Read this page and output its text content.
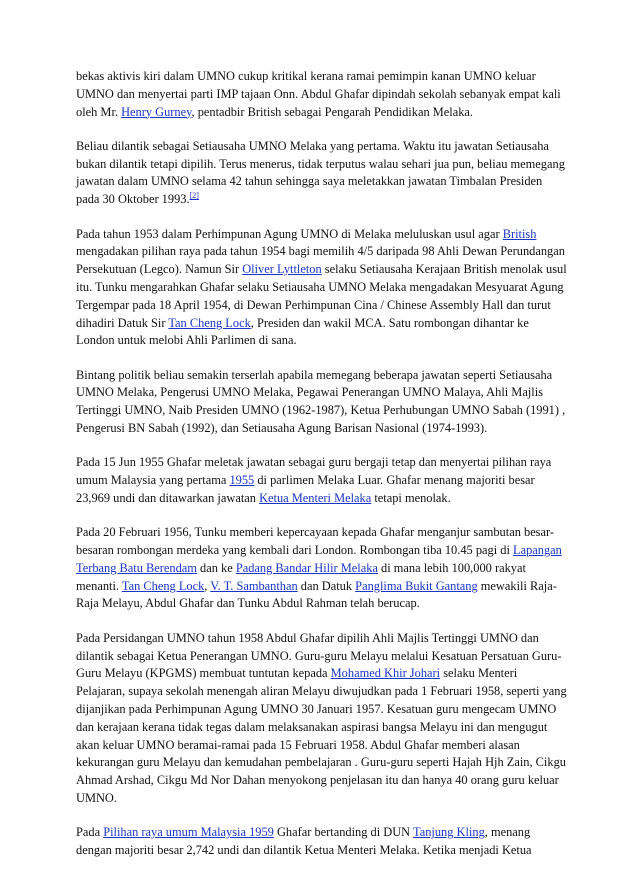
bekas aktivis kiri dalam UMNO cukup kritikal kerana ramai pemimpin kanan UMNO keluar UMNO dan menyertai parti IMP tajaan Onn. Abdul Ghafar dipindah sekolah sebanyak empat kali oleh Mr. Henry Gurney, pentadbir British sebagai Pengarah Pendidikan Melaka.

Beliau dilantik sebagai Setiausaha UMNO Melaka yang pertama. Waktu itu jawatan Setiausaha bukan dilantik tetapi dipilih. Terus menerus, tidak terputus walau sehari jua pun, beliau memegang jawatan dalam UMNO selama 42 tahun sehingga saya meletakkan jawatan Timbalan Presiden pada 30 Oktober 1993.[2]

Pada tahun 1953 dalam Perhimpunan Agung UMNO di Melaka meluluskan usul agar British mengadakan pilihan raya pada tahun 1954 bagi memilih 4/5 daripada 98 Ahli Dewan Perundangan Persekutuan (Legco). Namun Sir Oliver Lyttleton selaku Setiausaha Kerajaan British menolak usul itu. Tunku mengarahkan Ghafar selaku Setiausaha UMNO Melaka mengadakan Mesyuarat Agung Tergempar pada 18 April 1954, di Dewan Perhimpunan Cina / Chinese Assembly Hall dan turut dihadiri Datuk Sir Tan Cheng Lock, Presiden dan wakil MCA. Satu rombongan dihantar ke London untuk melobi Ahli Parlimen di sana.

Bintang politik beliau semakin terserlah apabila memegang beberapa jawatan seperti Setiausaha UMNO Melaka, Pengerusi UMNO Melaka, Pegawai Penerangan UMNO Malaya, Ahli Majlis Tertinggi UMNO, Naib Presiden UMNO (1962-1987), Ketua Perhubungan UMNO Sabah (1991) , Pengerusi BN Sabah (1992), dan Setiausaha Agung Barisan Nasional (1974-1993).

Pada 15 Jun 1955 Ghafar meletak jawatan sebagai guru bergaji tetap dan menyertai pilihan raya umum Malaysia yang pertama 1955 di parlimen Melaka Luar. Ghafar menang majoriti besar 23,969 undi dan ditawarkan jawatan Ketua Menteri Melaka tetapi menolak.

Pada 20 Februari 1956, Tunku memberi kepercayaan kepada Ghafar menganjur sambutan besar-besaran rombongan merdeka yang kembali dari London. Rombongan tiba 10.45 pagi di Lapangan Terbang Batu Berendam dan ke Padang Bandar Hilir Melaka di mana lebih 100,000 rakyat menanti. Tan Cheng Lock, V. T. Sambanthan dan Datuk Panglima Bukit Gantang mewakili Raja-Raja Melayu, Abdul Ghafar dan Tunku Abdul Rahman telah berucap.

Pada Persidangan UMNO tahun 1958 Abdul Ghafar dipilih Ahli Majlis Tertinggi UMNO dan dilantik sebagai Ketua Penerangan UMNO. Guru-guru Melayu melalui Kesatuan Persatuan Guru-Guru Melayu (KPGMS) membuat tuntutan kepada Mohamed Khir Johari selaku Menteri Pelajaran, supaya sekolah menengah aliran Melayu diwujudkan pada 1 Februari 1958, seperti yang dijanjikan pada Perhimpunan Agung UMNO 30 Januari 1957. Kesatuan guru mengecam UMNO dan kerajaan kerana tidak tegas dalam melaksanakan aspirasi bangsa Melayu ini dan mengugut akan keluar UMNO beramai-ramai pada 15 Februari 1958. Abdul Ghafar memberi alasan kekurangan guru Melayu dan kemudahan pembelajaran . Guru-guru seperti Hajah Hjh Zain, Cikgu Ahmad Arshad, Cikgu Md Nor Dahan menyokong penjelasan itu dan hanya 40 orang guru keluar UMNO.

Pada Pilihan raya umum Malaysia 1959 Ghafar bertanding di DUN Tanjung Kling, menang dengan majoriti besar 2,742 undi dan dilantik Ketua Menteri Melaka. Ketika menjadi Ketua
